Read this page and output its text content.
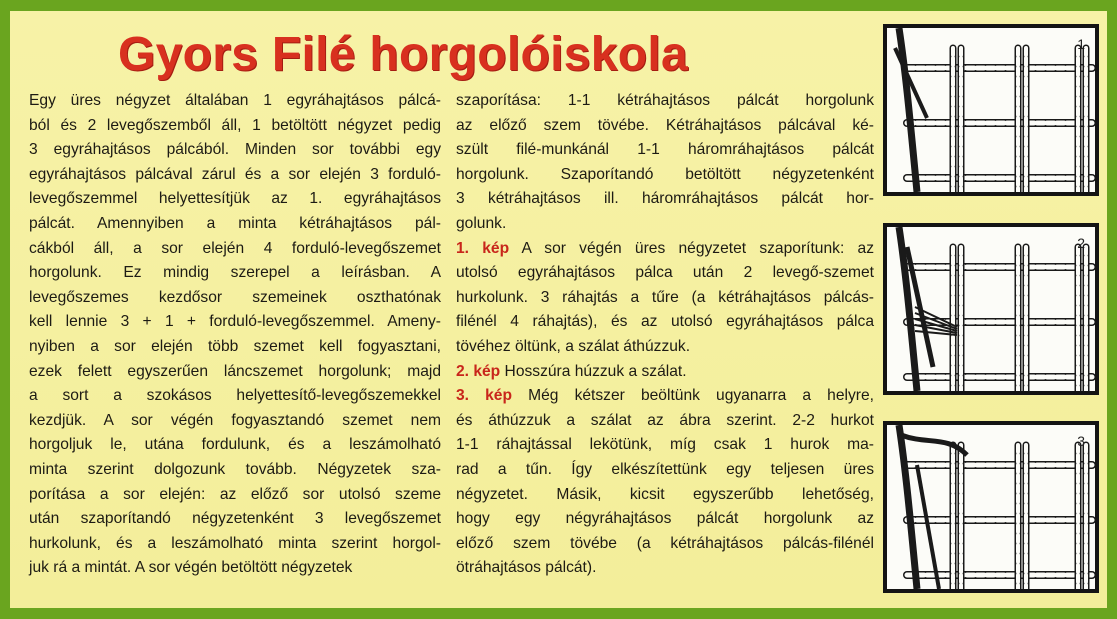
Gyors Filé horgolóiskola
Egy üres négyzet általában 1 egyráhajtásos pálcá-
ból és 2 levegőszemből áll, 1 betöltött négyzet pedig
3 egyráhajtásos pálcából. Minden sor további egy
egyráhajtásos pálcával zárul és a sor elején 3 forduló-
levegőszemmel helyettesítjük az 1. egyráhajtásos
pálcát. Amennyiben a minta kétráhajtásos pál-
cákból áll, a sor elején 4 forduló-levegőszemet
horgolunk. Ez mindig szerepel a leírásban. A
levegőszemes kezdősor szemeinek oszthatónak
kell lennie 3 + 1 + forduló-levegőszemmel. Ameny-
nyiben a sor elején több szemet kell fogyasztani,
ezek felett egyszerűen láncszemet horgolunk; majd
a sort a szokásos helyettesítő-levegőszemekkel
kezdjük. A sor végén fogyasztandó szemet nem
horgoljuk le, utána fordulunk, és a leszámolható
minta szerint dolgozunk tovább. Négyzetek sza-
porítása a sor elején: az előző sor utolsó szeme
után szaporítandó négyzetenként 3 levegőszemet
hurkolunk, és a leszámolható minta szerint horgol-
juk rá a mintát. A sor végén betöltött négyzetek
szaporítása: 1-1 kétráhajtásos pálcát horgolunk
az előző szem tövébe. Kétráhajtásos pálcával ké-
szült filé-munkánál 1-1 háromráhajtásos pálcát
horgolunk. Szaporítandó betöltött négyzetenként
3 kétráhajtásos ill. háromráhajtásos pálcát hor-
golunk.
1. kép A sor végén üres négyzetet szaporítunk: az
utolsó egyráhajtásos pálca után 2 levegő-szemet
hurkolunk. 3 ráhajtás a tűre (a kétráhajtásos pálcás-
filénél 4 ráhajtás), és az utolsó egyráhajtásos pálca
tövéhez öltünk, a szálat áthúzzuk.
2. kép Hosszúra húzzuk a szálat.
3. kép Még kétszer beöltünk ugyanarra a helyre,
és áthúzzuk a szálat az ábra szerint. 2-2 hurkot
1-1 ráhajtással lekötünk, míg csak 1 hurok ma-
rad a tűn. Így elkészítettünk egy teljesen üres
négyzetet. Másik, kicsit egyszerűbb lehetőség,
hogy egy négyráhajtásos pálcát horgolunk az
előző szem tövébe (a kétráhajtásos pálcás-filénél
ötráhajtásos pálcát).
1
2
3
